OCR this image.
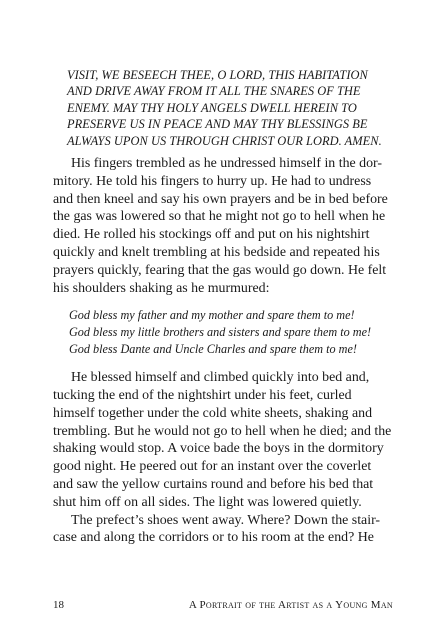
VISIT, WE BESEECH THEE, O LORD, THIS HABITATION
AND DRIVE AWAY FROM IT ALL THE SNARES OF THE
ENEMY. MAY THY HOLY ANGELS DWELL HEREIN TO
PRESERVE US IN PEACE AND MAY THY BLESSINGS BE
ALWAYS UPON US THROUGH CHRIST OUR LORD. AMEN.

His fingers trembled as he undressed himself in the dor-
mitory. He told his fingers to hurry up. He had to undress
and then kneel and say his own prayers and be in bed before
the gas was lowered so that he might not go to hell when he
died. He rolled his stockings off and put on his nightshirt
quickly and knelt trembling at his bedside and repeated his
prayers quickly, fearing that the gas would go down. He felt
his shoulders shaking as he murmured:

God bless my father and my mother and spare them to me!
God bless my little brothers and sisters and spare them to me!
God bless Dante and Uncle Charles and spare them to me!

He blessed himself and climbed quickly into bed and,
tucking the end of the nightshirt under his feet, curled
himself together under the cold white sheets, shaking and
trembling. But he would not go to hell when he died; and the
shaking would stop. A voice bade the boys in the dormitory
good night. He peered out for an instant over the coverlet
and saw the yellow curtains round and before his bed that
shut him off on all sides. The light was lowered quietly.

The prefect’s shoes went away. Where? Down the stair-
case and along the corridors or to his room at the end? He

18	A Portrait of the Artist as a Young Man
